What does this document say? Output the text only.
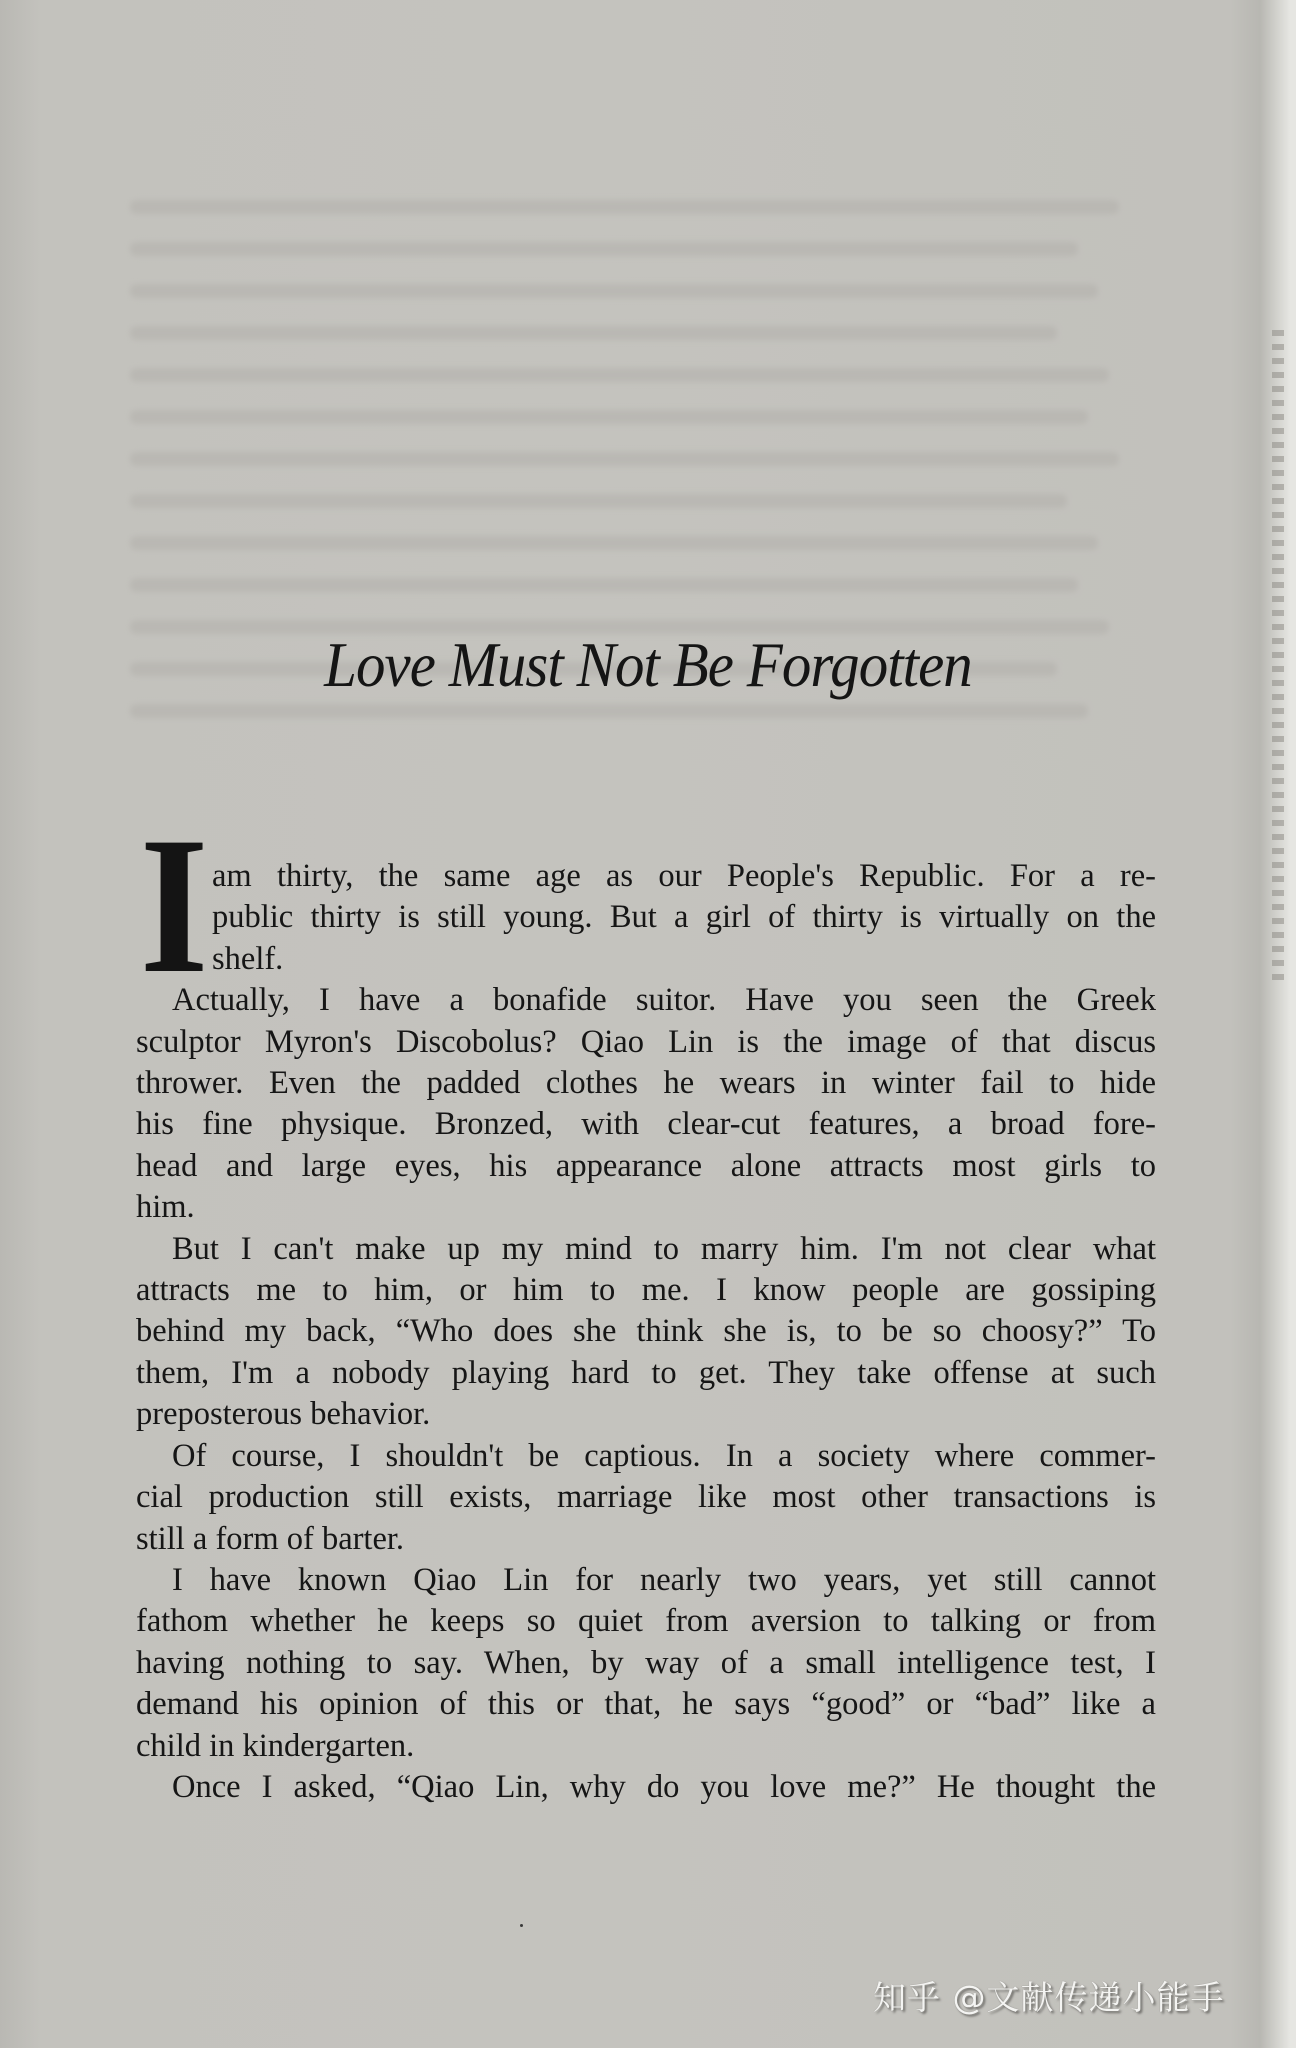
Love Must Not Be Forgotten
I am thirty, the same age as our People's Republic. For a re-
public thirty is still young. But a girl of thirty is virtually on the
shelf.
Actually, I have a bonafide suitor. Have you seen the Greek
sculptor Myron's Discobolus? Qiao Lin is the image of that discus
thrower. Even the padded clothes he wears in winter fail to hide
his fine physique. Bronzed, with clear-cut features, a broad fore-
head and large eyes, his appearance alone attracts most girls to
him.
But I can't make up my mind to marry him. I'm not clear what
attracts me to him, or him to me. I know people are gossiping
behind my back, “Who does she think she is, to be so choosy?” To
them, I'm a nobody playing hard to get. They take offense at such
preposterous behavior.
Of course, I shouldn't be captious. In a society where commer-
cial production still exists, marriage like most other transactions is
still a form of barter.
I have known Qiao Lin for nearly two years, yet still cannot
fathom whether he keeps so quiet from aversion to talking or from
having nothing to say. When, by way of a small intelligence test, I
demand his opinion of this or that, he says “good” or “bad” like a
child in kindergarten.
Once I asked, “Qiao Lin, why do you love me?” He thought the
知乎 @文献传递小能手
